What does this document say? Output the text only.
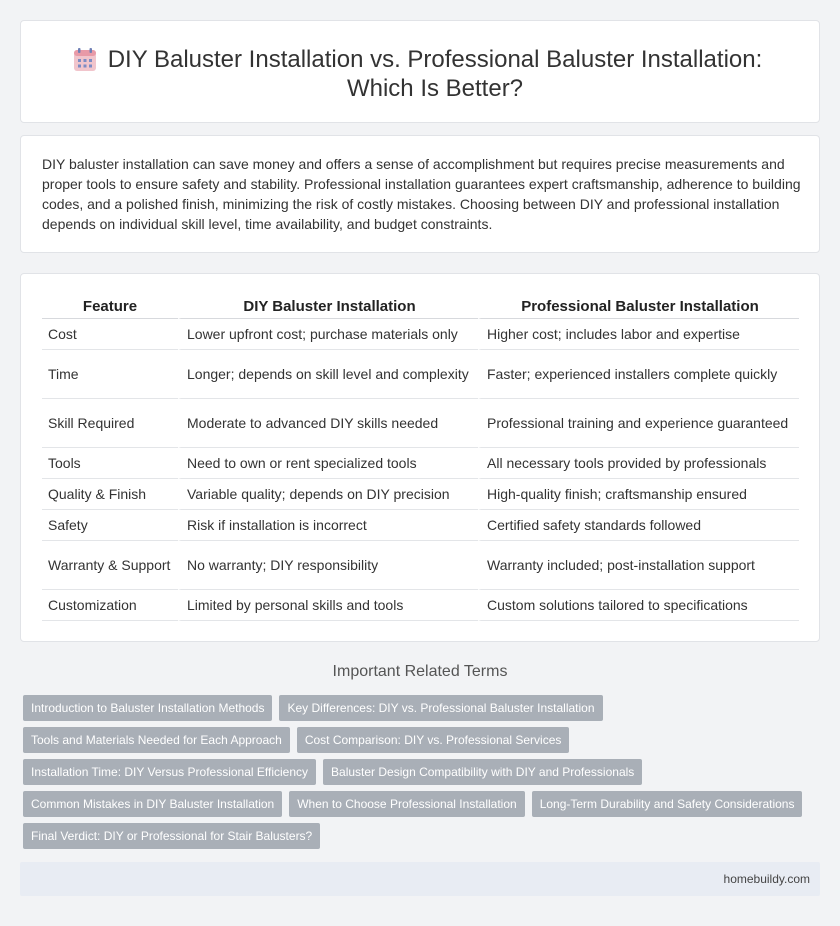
DIY Baluster Installation vs. Professional Baluster Installation: Which Is Better?

DIY baluster installation can save money and offers a sense of accomplishment but requires precise measurements and proper tools to ensure safety and stability. Professional installation guarantees expert craftsmanship, adherence to building codes, and a polished finish, minimizing the risk of costly mistakes. Choosing between DIY and professional installation depends on individual skill level, time availability, and budget constraints.

Feature	DIY Baluster Installation	Professional Baluster Installation
Cost	Lower upfront cost; purchase materials only	Higher cost; includes labor and expertise
Time	Longer; depends on skill level and complexity	Faster; experienced installers complete quickly
Skill Required	Moderate to advanced DIY skills needed	Professional training and experience guaranteed
Tools	Need to own or rent specialized tools	All necessary tools provided by professionals
Quality & Finish	Variable quality; depends on DIY precision	High-quality finish; craftsmanship ensured
Safety	Risk if installation is incorrect	Certified safety standards followed
Warranty & Support	No warranty; DIY responsibility	Warranty included; post-installation support
Customization	Limited by personal skills and tools	Custom solutions tailored to specifications
Important Related Terms
Introduction to Baluster Installation Methods	Key Differences: DIY vs. Professional Baluster Installation
Tools and Materials Needed for Each Approach	Cost Comparison: DIY vs. Professional Services
Installation Time: DIY Versus Professional Efficiency	Baluster Design Compatibility with DIY and Professionals
Common Mistakes in DIY Baluster Installation	When to Choose Professional Installation	Long-Term Durability and Safety Considerations
Final Verdict: DIY or Professional for Stair Balusters?
homebuildy.com
